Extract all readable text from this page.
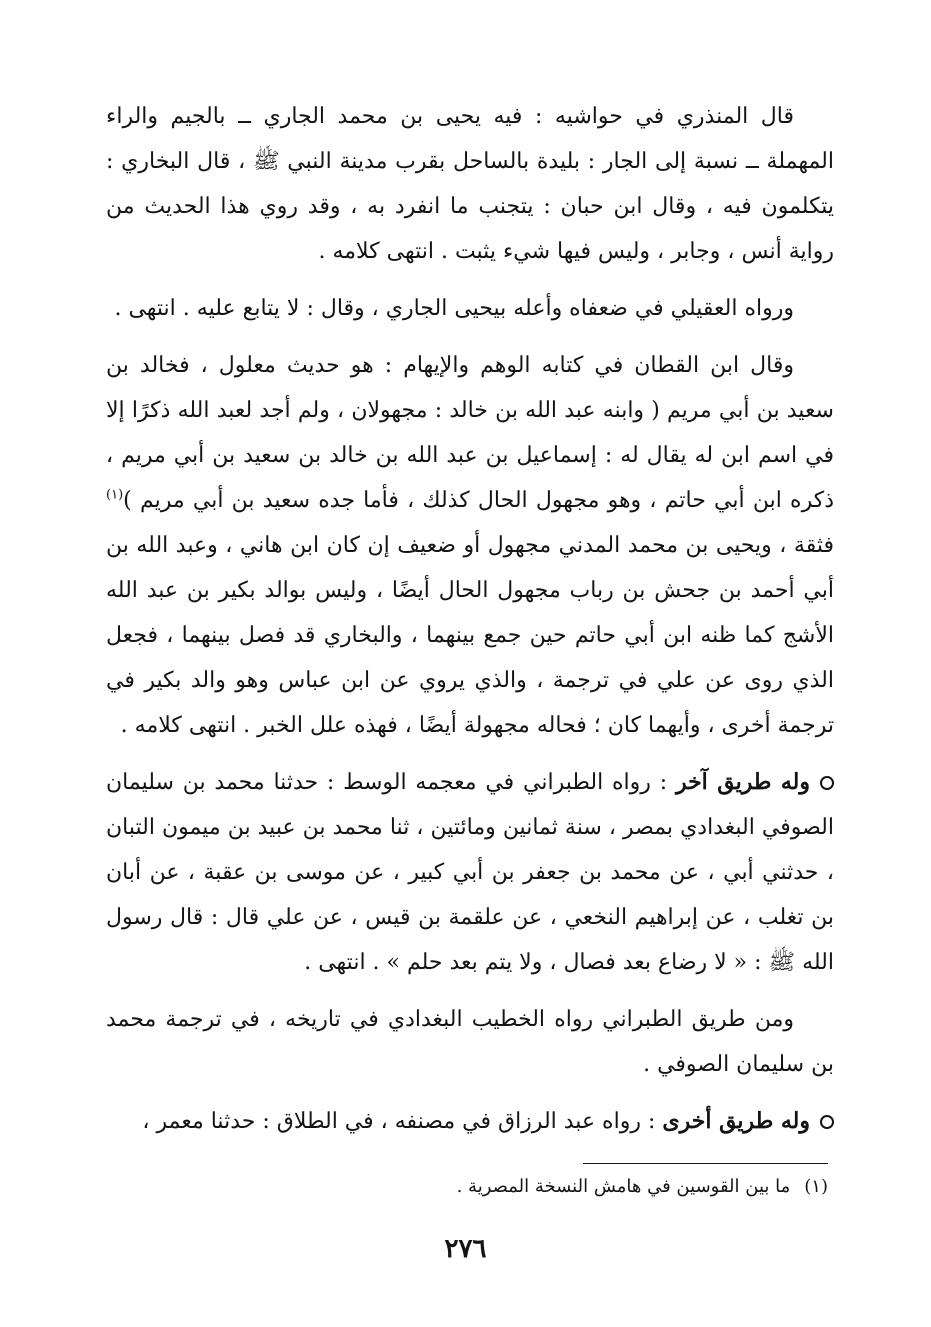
قال المنذري في حواشيه : فيه يحيى بن محمد الجاري ــ بالجيم والراء المهملة ــ نسبة إلى الجار : بليدة بالساحل بقرب مدينة النبي ﷺ ، قال البخاري : يتكلمون فيه ، وقال ابن حبان : يتجنب ما انفرد به ، وقد روي هذا الحديث من رواية أنس ، وجابر ، وليس فيها شيء يثبت . انتهى كلامه .

ورواه العقيلي في ضعفاه وأعله بيحيى الجاري ، وقال : لا يتابع عليه . انتهى .

وقال ابن القطان في كتابه الوهم والإيهام : هو حديث معلول ، فخالد بن سعيد بن أبي مريم ( وابنه عبد الله بن خالد : مجهولان ، ولم أجد لعبد الله ذكرًا إلا في اسم ابن له يقال له : إسماعيل بن عبد الله بن خالد بن سعيد بن أبي مريم ، ذكره ابن أبي حاتم ، وهو مجهول الحال كذلك ، فأما جده سعيد بن أبي مريم )$^{(١)}$ فثقة ، ويحيى بن محمد المدني مجهول أو ضعيف إن كان ابن هاني ، وعبد الله بن أبي أحمد بن جحش بن رباب مجهول الحال أيضًا ، وليس بوالد بكير بن عبد الله الأشج كما ظنه ابن أبي حاتم حين جمع بينهما ، والبخاري قد فصل بينهما ، فجعل الذي روى عن علي في ترجمة ، والذي يروي عن ابن عباس وهو والد بكير في ترجمة أخرى ، وأيهما كان ؛ فحاله مجهولة أيضًا ، فهذه علل الخبر . انتهى كلامه .

وله طريق آخر : رواه الطبراني في معجمه الوسط : حدثنا محمد بن سليمان الصوفي البغدادي بمصر ، سنة ثمانين ومائتين ، ثنا محمد بن عبيد بن ميمون التبان ، حدثني أبي ، عن محمد بن جعفر بن أبي كبير ، عن موسى بن عقبة ، عن أبان بن تغلب ، عن إبراهيم النخعي ، عن علقمة بن قيس ، عن علي قال : قال رسول الله ﷺ : « لا رضاع بعد فصال ، ولا يتم بعد حلم » . انتهى .

ومن طريق الطبراني رواه الخطيب البغدادي في تاريخه ، في ترجمة محمد بن سليمان الصوفي .

وله طريق أخرى : رواه عبد الرزاق في مصنفه ، في الطلاق : حدثنا معمر ،

(١)ما بين القوسين في هامش النسخة المصرية .
٢٧٦
